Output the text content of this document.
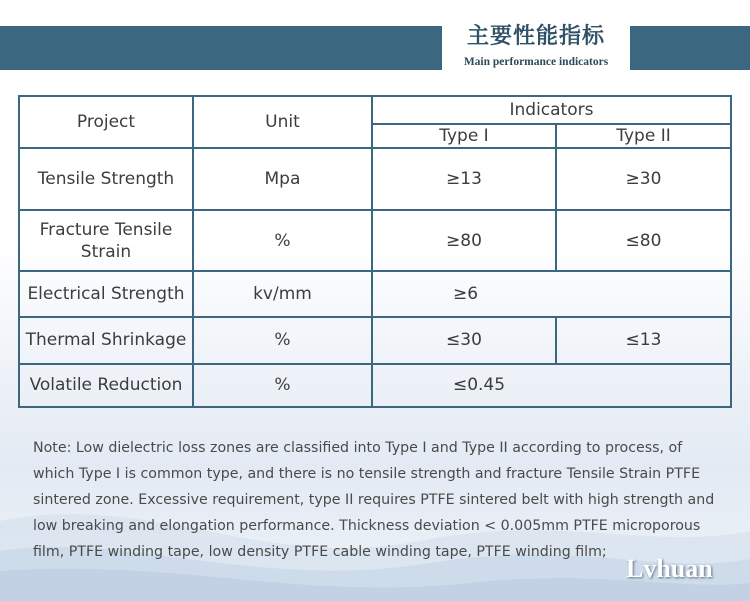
主要性能指标
Main performance indicators
Project	Unit	Indicators	
		Type I	Type II
Tensile Strength	Mpa	≥13	≥30
Fracture Tensile Strain	%	≥80	≤80
Electrical Strength	kv/mm	≥6	
Thermal Shrinkage	%	≤30	≤13
Volatile Reduction	%	≤0.45	
Note: Low dielectric loss zones are classified into Type I and Type II according to process, of which Type I is common type, and there is no tensile strength and fracture Tensile Strain PTFE sintered zone. Excessive requirement, type II requires PTFE sintered belt with high strength and low breaking and elongation performance. Thickness deviation < 0.005mm PTFE microporous film, PTFE winding tape, low density PTFE cable winding tape, PTFE winding film;
Lvhuan
